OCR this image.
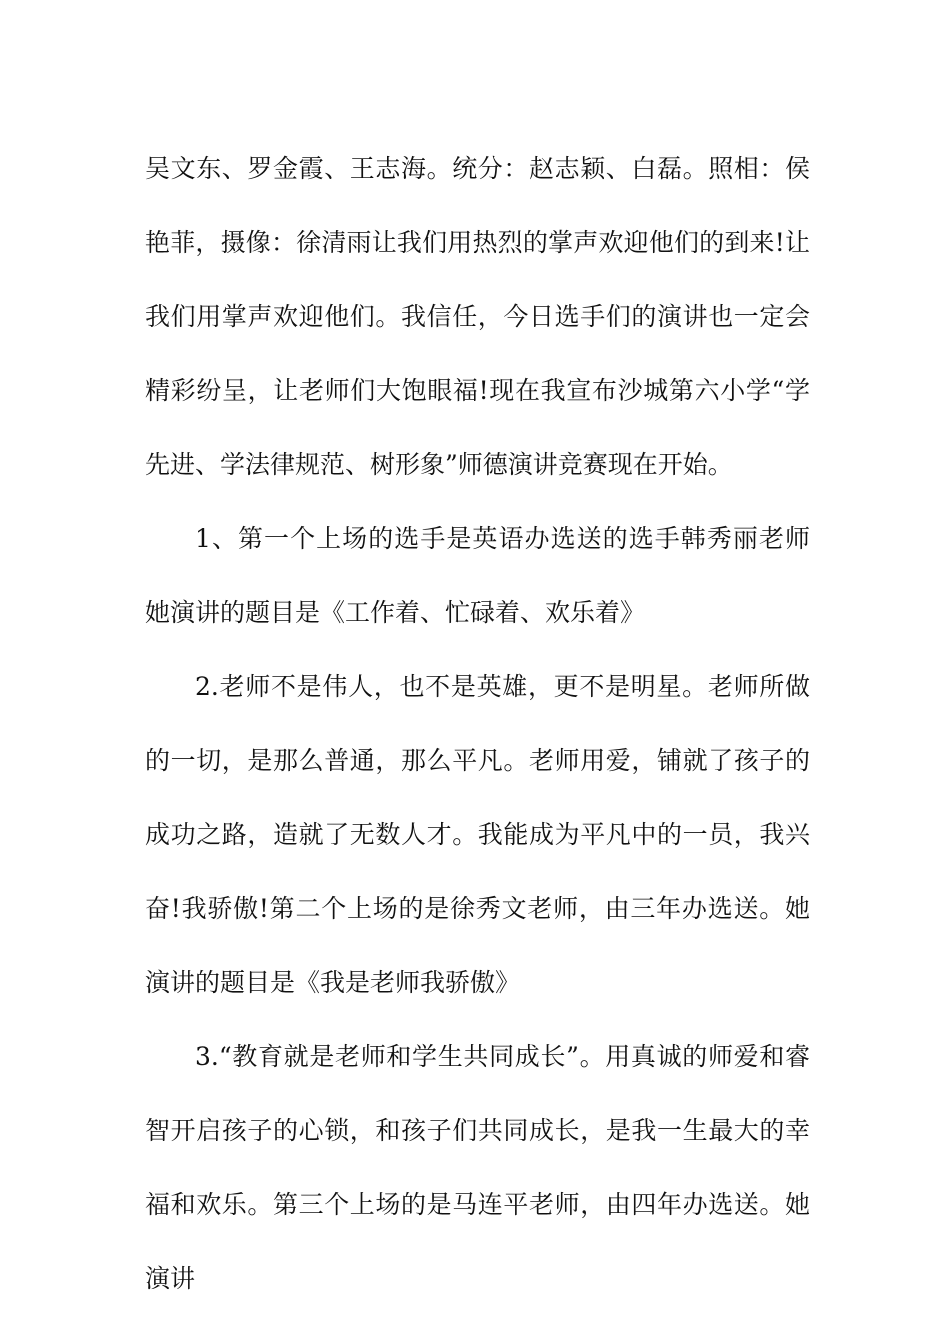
吴文东、罗金霞、王志海。统分：赵志颖、白磊。照相：侯艳菲，摄像：徐清雨让我们用热烈的掌声欢迎他们的到来!让我们用掌声欢迎他们。我信任，今日选手们的演讲也一定会精彩纷呈，让老师们大饱眼福!现在我宣布沙城第六小学“学先进、学法律规范、树形象”师德演讲竞赛现在开始。

1、第一个上场的选手是英语办选送的选手韩秀丽老师她演讲的题目是《工作着、忙碌着、欢乐着》

2.老师不是伟人，也不是英雄，更不是明星。老师所做的一切，是那么普通，那么平凡。老师用爱，铺就了孩子的成功之路，造就了无数人才。我能成为平凡中的一员，我兴奋!我骄傲!第二个上场的是徐秀文老师，由三年办选送。她演讲的题目是《我是老师我骄傲》

3.“教育就是老师和学生共同成长”。用真诚的师爱和睿智开启孩子的心锁，和孩子们共同成长，是我一生最大的幸福和欢乐。第三个上场的是马连平老师，由四年办选送。她演讲
